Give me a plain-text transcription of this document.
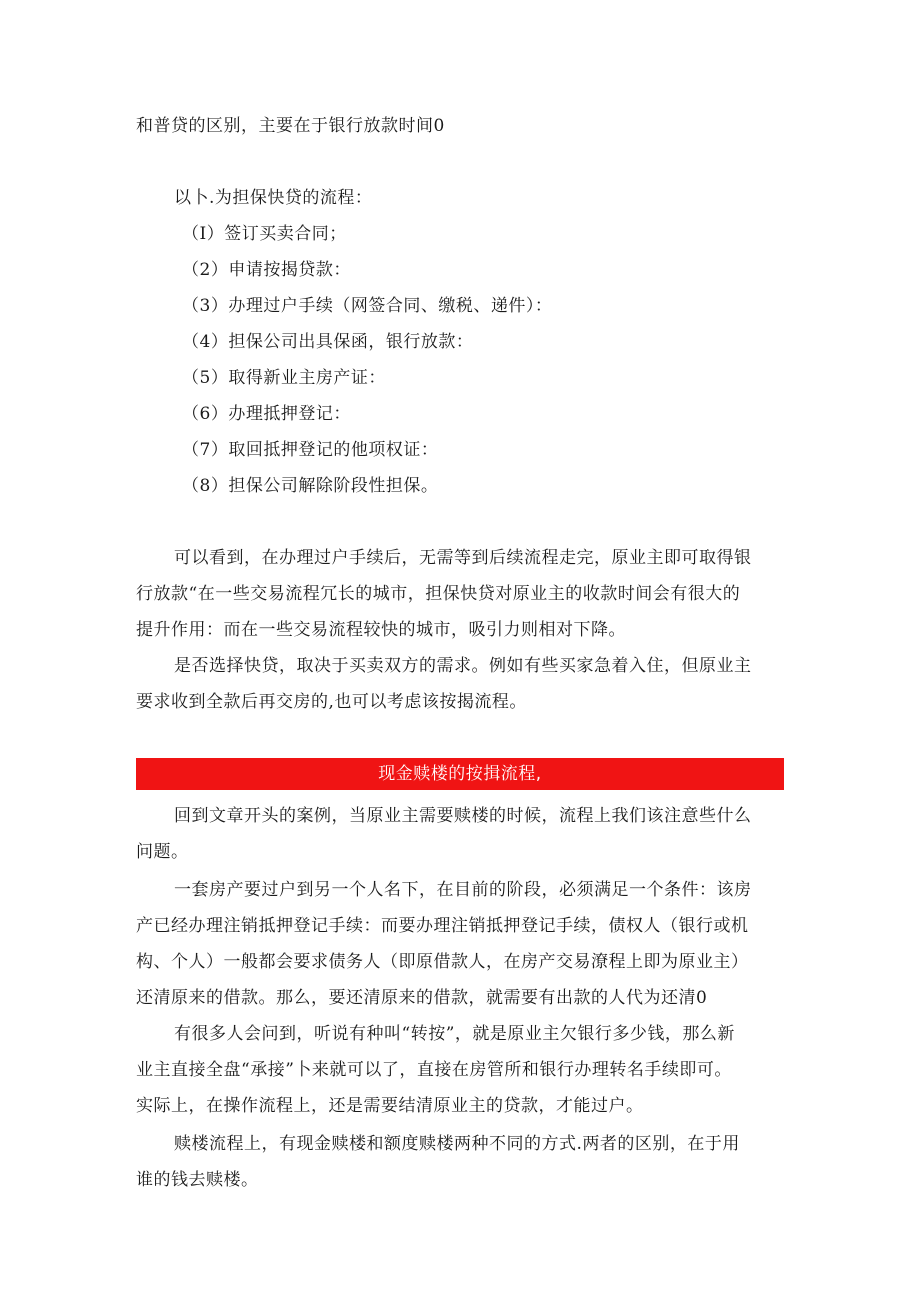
和普贷的区别，主要在于银行放款时间0
以卜.为担保快贷的流程：
（I）签订买卖合同；
（2）申请按揭贷款：
（3）办理过户手续（网签合同、缴税、递件）：
（4）担保公司出具保函，银行放款：
（5）取得新业主房产证：
（6）办理抵押登记：
（7）取回抵押登记的他项权证：
（8）担保公司解除阶段性担保。
可以看到，在办理过户手续后，无需等到后续流程走完，原业主即可取得银
行放款“在一些交易流程冗长的城市，担保快贷对原业主的收款时间会有很大的
提升作用：而在一些交易流程较快的城市，吸引力则相对下降。
是否选择快贷，取决于买卖双方的需求。例如有些买家急着入住，但原业主
要求收到全款后再交房的,也可以考虑该按揭流程。
现金赎楼的按揖流程,
回到文章开头的案例，当原业主需要赎楼的时候，流程上我们该注意些什么
问题。
一套房产要过户到另一个人名下，在目前的阶段，必须满足一个条件：该房
产已经办理注销抵押登记手续：而要办理注销抵押登记手续，债权人（银行或机
构、个人）一般都会要求债务人（即原借款人，在房产交易潦程上即为原业主）
还清原来的借款。那么，要还清原来的借款，就需要有出款的人代为还清0
有很多人会问到，听说有种叫“转按”，就是原业主欠银行多少钱，那么新
业主直接全盘“承接”卜来就可以了，直接在房管所和银行办理转名手续即可。
实际上，在操作流程上，还是需要结清原业主的贷款，才能过户。
赎楼流程上，有现金赎楼和额度赎楼两种不同的方式.两者的区别，在于用
谁的钱去赎楼。
